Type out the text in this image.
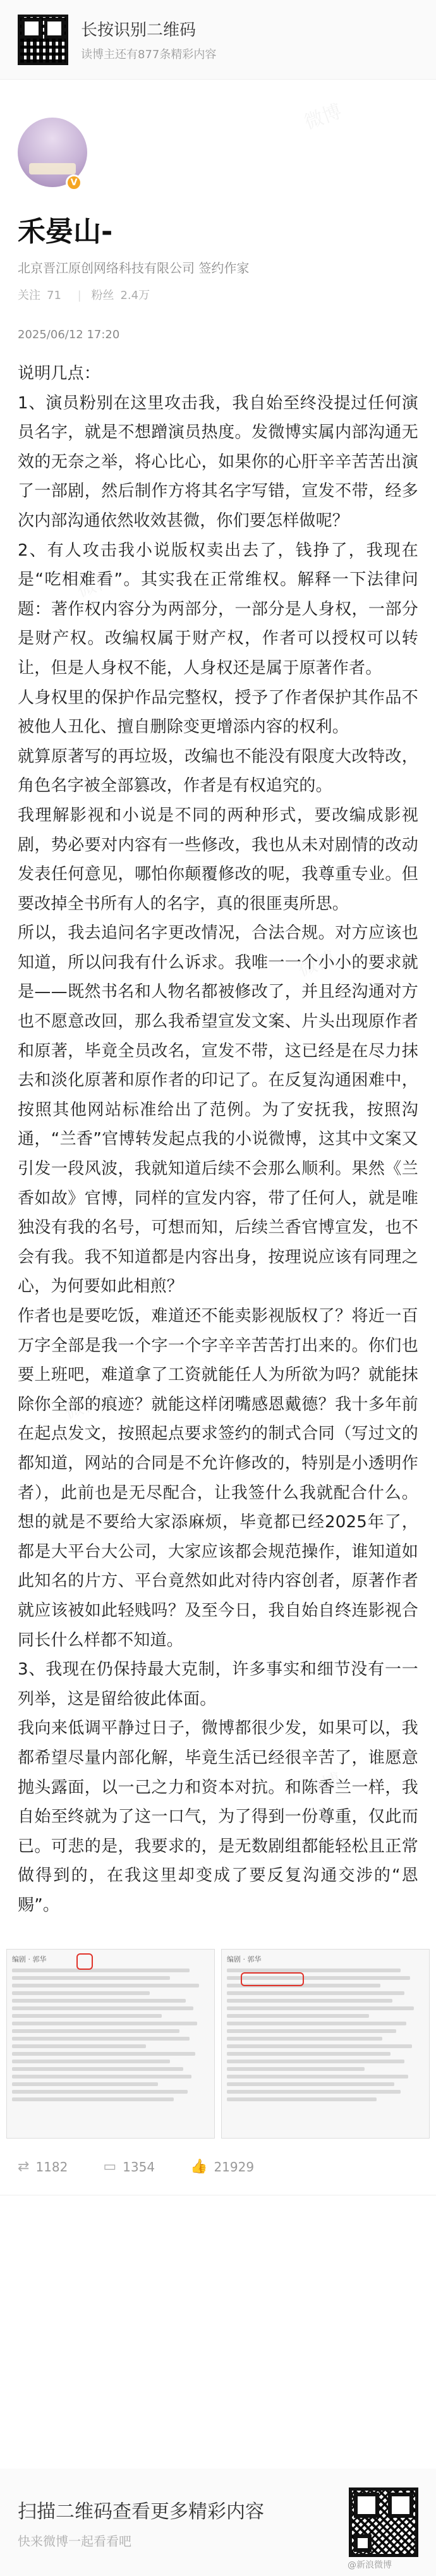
长按识别二维码
读博主还有877条精彩内容
V
禾晏山-
北京晋江原创网络科技有限公司 签约作家
关注 71 | 粉丝 2.4万
2025/06/12 17:20

说明几点：

1、演员粉别在这里攻击我，我自始至终没提过任何演员名字，就是不想蹭演员热度。发微博实属内部沟通无效的无奈之举，将心比心，如果你的心肝辛辛苦苦出演了一部剧，然后制作方将其名字写错，宣发不带，经多次内部沟通依然收效甚微，你们要怎样做呢？

2、有人攻击我小说版权卖出去了，钱挣了，我现在是“吃相难看”。其实我在正常维权。解释一下法律问题：著作权内容分为两部分，一部分是人身权，一部分是财产权。改编权属于财产权，作者可以授权可以转让，但是人身权不能，人身权还是属于原著作者。

人身权里的保护作品完整权，授予了作者保护其作品不被他人丑化、擅自删除变更增添内容的权利。

就算原著写的再垃圾，改编也不能没有限度大改特改，角色名字被全部篡改，作者是有权追究的。

我理解影视和小说是不同的两种形式，要改编成影视剧，势必要对内容有一些修改，我也从未对剧情的改动发表任何意见，哪怕你颠覆修改的呢，我尊重专业。但要改掉全书所有人的名字，真的很匪夷所思。

所以，我去追问名字更改情况，合法合规。对方应该也知道，所以问我有什么诉求。我唯一一个小小的要求就是——既然书名和人物名都被修改了，并且经沟通对方也不愿意改回，那么我希望宣发文案、片头出现原作者和原著，毕竟全员改名，宣发不带，这已经是在尽力抹去和淡化原著和原作者的印记了。在反复沟通困难中，按照其他网站标准给出了范例。为了安抚我，按照沟通，“兰香”官博转发起点我的小说微博，这其中文案又引发一段风波，我就知道后续不会那么顺利。果然《兰香如故》官博，同样的宣发内容，带了任何人，就是唯独没有我的名号，可想而知，后续兰香官博宣发，也不会有我。我不知道都是内容出身，按理说应该有同理之心，为何要如此相煎？

作者也是要吃饭，难道还不能卖影视版权了？将近一百万字全部是我一个字一个字辛辛苦苦打出来的。你们也要上班吧，难道拿了工资就能任人为所欲为吗？就能抹除你全部的痕迹？就能这样闭嘴感恩戴德？我十多年前在起点发文，按照起点要求签约的制式合同（写过文的都知道，网站的合同是不允许修改的，特别是小透明作者），此前也是无尽配合，让我签什么我就配合什么。想的就是不要给大家添麻烦，毕竟都已经2025年了，都是大平台大公司，大家应该都会规范操作，谁知道如此知名的片方、平台竟然如此对待内容创者，原著作者就应该被如此轻贱吗？及至今日，我自始自终连影视合同长什么样都不知道。

3、我现在仍保持最大克制，许多事实和细节没有一一列举，这是留给彼此体面。

我向来低调平静过日子，微博都很少发，如果可以，我都希望尽量内部化解，毕竟生活已经很辛苦了，谁愿意抛头露面，以一己之力和资本对抗。和陈香兰一样，我自始至终就为了这一口气，为了得到一份尊重，仅此而已。可悲的是，我要求的，是无数剧组都能轻松且正常做得到的，在我这里却变成了要反复沟通交涉的“恩赐”。

编剧 · 郭华	编剧 · 郭华
⇄ 1182	▭ 1354	👍 21929
扫描二维码查看更多精彩内容
快来微博一起看看吧
@新浪微博
